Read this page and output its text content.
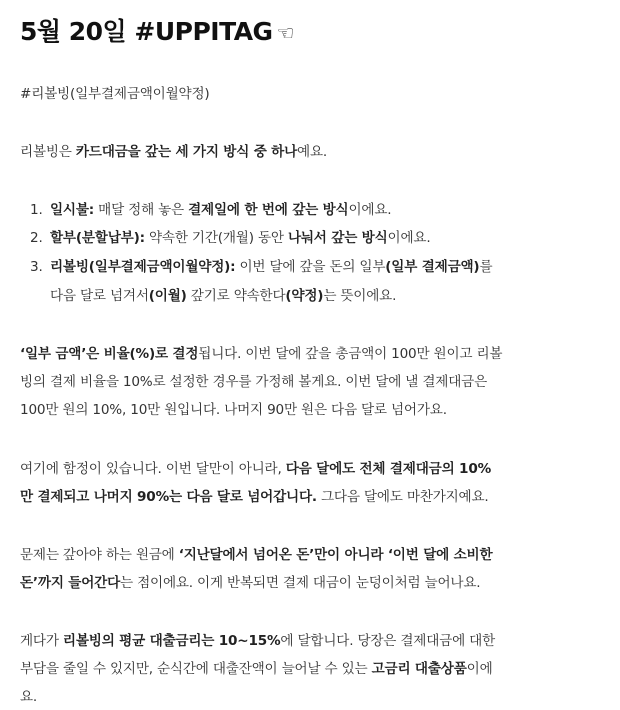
5월 20일 #UPPITAG ☜
#리볼빙(일부결제금액이월약정)
리볼빙은 카드대금을 갚는 세 가지 방식 중 하나예요.
1. 일시불: 매달 정해 놓은 결제일에 한 번에 갚는 방식이에요.
2. 할부(분할납부): 약속한 기간(개월) 동안 나눠서 갚는 방식이에요.
3. 리볼빙(일부결제금액이월약정): 이번 달에 갚을 돈의 일부(일부 결제금액)를
다음 달로 넘겨서(이월) 갚기로 약속한다(약정)는 뜻이에요.
‘일부 금액’은 비율(%)로 결정됩니다. 이번 달에 갚을 총금액이 100만 원이고 리볼
빙의 결제 비율을 10%로 설정한 경우를 가정해 볼게요. 이번 달에 낼 결제대금은
100만 원의 10%, 10만 원입니다. 나머지 90만 원은 다음 달로 넘어가요.
여기에 함정이 있습니다. 이번 달만이 아니라, 다음 달에도 전체 결제대금의 10%
만 결제되고 나머지 90%는 다음 달로 넘어갑니다. 그다음 달에도 마찬가지예요.
문제는 갚아야 하는 원금에 ‘지난달에서 넘어온 돈’만이 아니라 ‘이번 달에 소비한
돈’까지 들어간다는 점이에요. 이게 반복되면 결제 대금이 눈덩이처럼 늘어나요.
게다가 리볼빙의 평균 대출금리는 10~15%에 달합니다. 당장은 결제대금에 대한
부담을 줄일 수 있지만, 순식간에 대출잔액이 늘어날 수 있는 고금리 대출상품이에
요.
